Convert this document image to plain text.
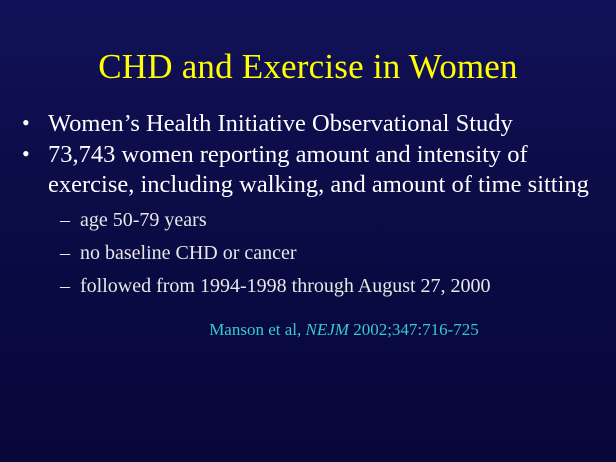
CHD and Exercise in Women
• Women’s Health Initiative Observational Study
• 73,743 women reporting amount and intensity of exercise, including walking, and amount of time sitting
– age 50-79 years
– no baseline CHD or cancer
– followed from 1994-1998 through August 27, 2000
Manson et al, NEJM 2002;347:716-725
